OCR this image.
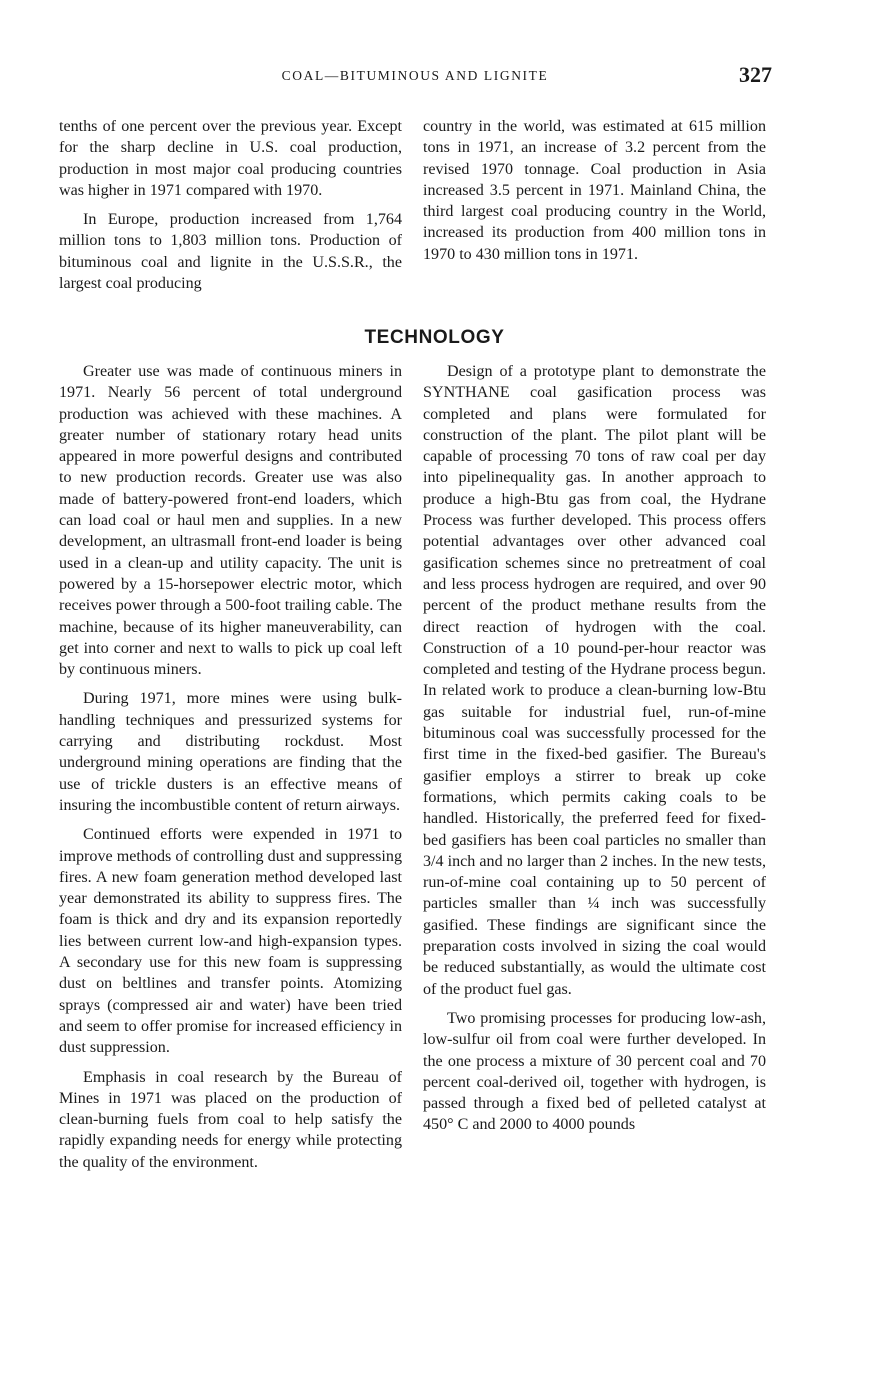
COAL—BITUMINOUS AND LIGNITE	327

tenths of one percent over the previous year. Except for the sharp decline in U.S. coal production, production in most major coal producing countries was higher in 1971 compared with 1970.

In Europe, production increased from 1,764 million tons to 1,803 million tons. Production of bituminous coal and lignite in the U.S.S.R., the largest coal producing

country in the world, was estimated at 615 million tons in 1971, an increase of 3.2 percent from the revised 1970 tonnage. Coal production in Asia increased 3.5 percent in 1971. Mainland China, the third largest coal producing country in the World, increased its production from 400 million tons in 1970 to 430 million tons in 1971.

TECHNOLOGY

Greater use was made of continuous miners in 1971. Nearly 56 percent of total underground production was achieved with these machines. A greater number of stationary rotary head units appeared in more powerful designs and contributed to new production records. Greater use was also made of battery-powered front-end loaders, which can load coal or haul men and supplies. In a new development, an ultrasmall front-end loader is being used in a clean-up and utility capacity. The unit is powered by a 15-horsepower electric motor, which receives power through a 500-foot trailing cable. The machine, because of its higher maneuverability, can get into corner and next to walls to pick up coal left by continuous miners.

During 1971, more mines were using bulk-handling techniques and pressurized systems for carrying and distributing rockdust. Most underground mining operations are finding that the use of trickle dusters is an effective means of insuring the incombustible content of return airways.

Continued efforts were expended in 1971 to improve methods of controlling dust and suppressing fires. A new foam generation method developed last year demonstrated its ability to suppress fires. The foam is thick and dry and its expansion reportedly lies between current low-and high-expansion types. A secondary use for this new foam is suppressing dust on beltlines and transfer points. Atomizing sprays (compressed air and water) have been tried and seem to offer promise for increased efficiency in dust suppression.

Emphasis in coal research by the Bureau of Mines in 1971 was placed on the production of clean-burning fuels from coal to help satisfy the rapidly expanding needs for energy while protecting the quality of the environment.

Design of a prototype plant to demonstrate the SYNTHANE coal gasification process was completed and plans were formulated for construction of the plant. The pilot plant will be capable of processing 70 tons of raw coal per day into pipelinequality gas. In another approach to produce a high-Btu gas from coal, the Hydrane Process was further developed. This process offers potential advantages over other advanced coal gasification schemes since no pretreatment of coal and less process hydrogen are required, and over 90 percent of the product methane results from the direct reaction of hydrogen with the coal. Construction of a 10 pound-per-hour reactor was completed and testing of the Hydrane process begun. In related work to produce a clean-burning low-Btu gas suitable for industrial fuel, run-of-mine bituminous coal was successfully processed for the first time in the fixed-bed gasifier. The Bureau's gasifier employs a stirrer to break up coke formations, which permits caking coals to be handled. Historically, the preferred feed for fixed-bed gasifiers has been coal particles no smaller than 3/4 inch and no larger than 2 inches. In the new tests, run-of-mine coal containing up to 50 percent of particles smaller than ¼ inch was successfully gasified. These findings are significant since the preparation costs involved in sizing the coal would be reduced substantially, as would the ultimate cost of the product fuel gas.

Two promising processes for producing low-ash, low-sulfur oil from coal were further developed. In the one process a mixture of 30 percent coal and 70 percent coal-derived oil, together with hydrogen, is passed through a fixed bed of pelleted catalyst at 450° C and 2000 to 4000 pounds
